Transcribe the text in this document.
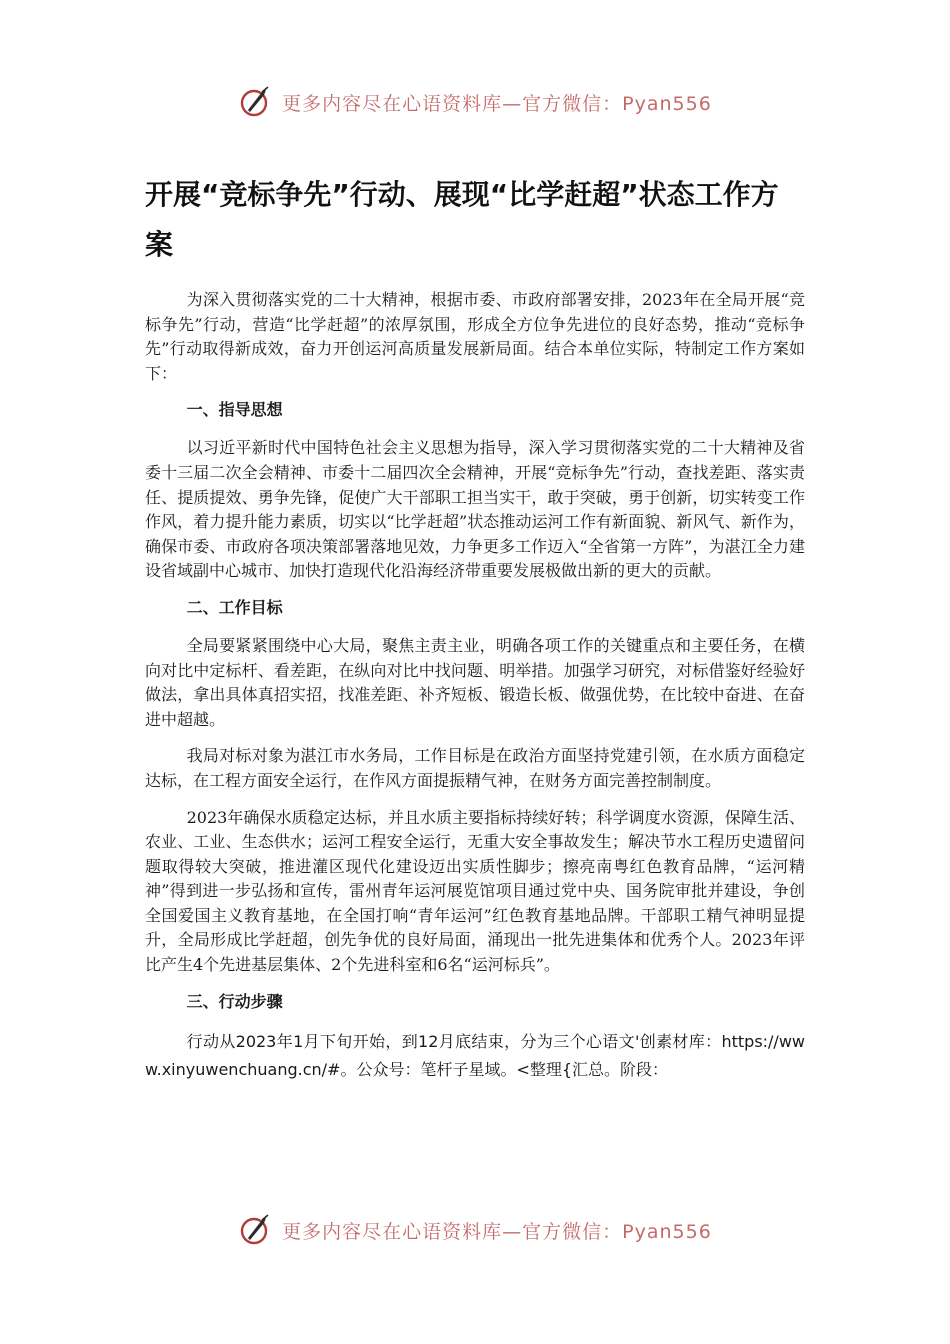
更多内容尽在心语资料库—官方微信：Pyan556
开展“竞标争先”行动、展现“比学赶超”状态工作方案

为深入贯彻落实党的二十大精神，根据市委、市政府部署安排，2023年在全局开展“竞标争先”行动，营造“比学赶超”的浓厚氛围，形成全方位争先进位的良好态势，推动“竞标争先”行动取得新成效，奋力开创运河高质量发展新局面。结合本单位实际，特制定工作方案如下：

一、指导思想

以习近平新时代中国特色社会主义思想为指导，深入学习贯彻落实党的二十大精神及省委十三届二次全会精神、市委十二届四次全会精神，开展“竞标争先”行动，查找差距、落实责任、提质提效、勇争先锋，促使广大干部职工担当实干，敢于突破，勇于创新，切实转变工作作风，着力提升能力素质，切实以“比学赶超”状态推动运河工作有新面貌、新风气、新作为，确保市委、市政府各项决策部署落地见效，力争更多工作迈入“全省第一方阵”，为湛江全力建设省域副中心城市、加快打造现代化沿海经济带重要发展极做出新的更大的贡献。

二、工作目标

全局要紧紧围绕中心大局，聚焦主责主业，明确各项工作的关键重点和主要任务，在横向对比中定标杆、看差距，在纵向对比中找问题、明举措。加强学习研究，对标借鉴好经验好做法，拿出具体真招实招，找准差距、补齐短板、锻造长板、做强优势，在比较中奋进、在奋进中超越。

我局对标对象为湛江市水务局，工作目标是在政治方面坚持党建引领，在水质方面稳定达标，在工程方面安全运行，在作风方面提振精气神，在财务方面完善控制制度。

2023年确保水质稳定达标，并且水质主要指标持续好转；科学调度水资源，保障生活、农业、工业、生态供水；运河工程安全运行，无重大安全事故发生；解决节水工程历史遗留问题取得较大突破，推进灌区现代化建设迈出实质性脚步；擦亮南粤红色教育品牌，“运河精神”得到进一步弘扬和宣传，雷州青年运河展览馆项目通过党中央、国务院审批并建设，争创全国爱国主义教育基地，在全国打响“青年运河”红色教育基地品牌。干部职工精气神明显提升，全局形成比学赶超，创先争优的良好局面，涌现出一批先进集体和优秀个人。2023年评比产生4个先进基层集体、2个先进科室和6名“运河标兵”。

三、行动步骤

行动从2023年1月下旬开始，到12月底结束，分为三个心语文'创素材库：https://www.xinyuwenchuang.cn/#。公众号：笔杆子星域。<整理{汇总。阶段：

更多内容尽在心语资料库—官方微信：Pyan556
